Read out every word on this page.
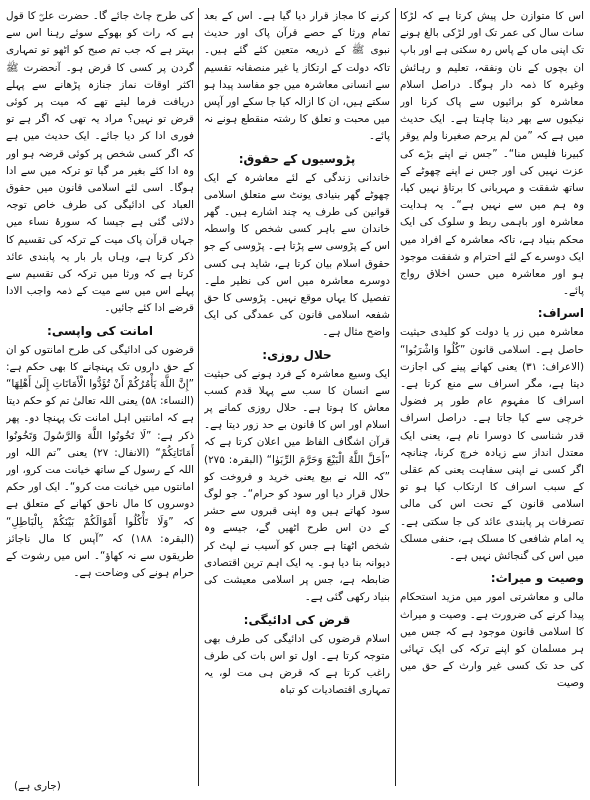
اس کا متوازن حل پیش کرتا ہے کہ لڑکا سات سال کی عمر تک اور لڑکی بالغ ہونے تک اپنی ماں کے پاس رہ سکتی ہے اور باپ ان بچوں کے نان ونفقہ، تعلیم و رہائش وغیرہ کا ذمہ دار ہوگا۔ دراصل اسلام معاشرہ کو برائیوں سے پاک کرنا اور نیکیوں سے بھر دینا چاہتا ہے۔ ایک حدیث میں ہے کہ ”من لم يرحم صغيرنا ولم يوقر كبيرنا فليس منا“۔ ”جس نے اپنے بڑے کی عزت نہیں کی اور جس نے اپنے چھوٹے کے ساتھ شفقت و مہربانی کا برتاؤ نہیں کیا، وہ ہم میں سے نہیں ہے“۔ یہ ہدایت معاشرہ اور باہمی ربط و سلوک کی ایک محکم بنیاد ہے، تاکہ معاشرہ کے افراد میں ایک دوسرے کے لئے احترام و شفقت موجود ہو اور معاشرہ میں حسن اخلاق رواج پائے۔

اسراف:

معاشرہ میں زر یا دولت کو کلیدی حیثیت حاصل ہے۔ اسلامی قانون ”كُلُوا وَاشْرَبُوا“ (الاعراف: ۳۱) یعنی کھانے پینے کی اجازت دیتا ہے، مگر اسراف سے منع کرتا ہے۔ اسراف کا مفہوم عام طور پر فضول خرچی سے کیا جاتا ہے۔ دراصل اسراف قدر شناسی کا دوسرا نام ہے، یعنی ایک معتدل انداز سے زیادہ خرچ کرنا، چنانچہ اگر کسی نے اپنی سفاہت یعنی کم عقلی کے سبب اسراف کا ارتکاب کیا ہو تو اسلامی قانون کے تحت اس کی مالی تصرفات پر پابندی عائد کی جا سکتی ہے۔ یہ امام شافعی کا مسلک ہے، حنفی مسلک میں اس کی گنجائش نہیں ہے۔

وصیت و میراث:

مالی و معاشرتی امور میں مزید استحکام پیدا کرنے کی ضرورت ہے۔ وصیت و میراث کا اسلامی قانون موجود ہے کہ جس میں ہر مسلمان کو اپنے ترکہ کی ایک تہائی کی حد تک کسی غیر وارث کے حق میں وصیت

کرنے کا مجاز قرار دیا گیا ہے۔ اس کے بعد تمام ورثا کے حصے قرآن پاک اور حدیث نبوی ﷺ کے ذریعہ متعین کئے گئے ہیں۔ تاکہ دولت کے ارتکاز یا غیر منصفانہ تقسیم سے انسانی معاشرہ میں جو مفاسد پیدا ہو سکتے ہیں، ان کا ازالہ کیا جا سکے اور آپس میں محبت و تعلق کا رشتہ منقطع ہونے نہ پائے۔

پڑوسیوں کے حقوق:

خاندانی زندگی کے لئے معاشرہ کے ایک چھوٹے گھر بنیادی یونٹ سے متعلق اسلامی قوانین کی طرف یہ چند اشارے ہیں۔ گھر خاندان سے باہر کسی شخص کا واسطہ اس کے پڑوسی سے پڑتا ہے۔ پڑوسی کے جو حقوق اسلام بیان کرتا ہے، شاید ہی کسی دوسرے معاشرہ میں اس کی نظیر ملے۔ تفصیل کا یہاں موقع نہیں۔ پڑوسی کا حق شفعہ اسلامی قانون کی عمدگی کی ایک واضح مثال ہے۔

حلال روزی:

ایک وسیع معاشرہ کے فرد ہونے کی حیثیت سے انسان کا سب سے پہلا قدم کسب معاش کا ہوتا ہے۔ حلال روزی کمانے پر اسلام اور اس کا قانون بے حد زور دیتا ہے۔ قرآن اشگاف الفاظ میں اعلان کرتا ہے کہ ”أَحَلَّ اللَّهُ الْبَيْعَ وَحَرَّمَ الرِّبَوٰا“ (البقرہ: ۲۷۵) ”کہ اللہ نے بیع یعنی خرید و فروخت کو حلال قرار دیا اور سود کو حرام“۔ جو لوگ سود کھاتے ہیں وہ اپنی قبروں سے حشر کے دن اس طرح اٹھیں گے، جیسے وہ شخص اٹھتا ہے جس کو آسیب نے لپٹ کر دیوانہ بنا دیا ہو۔ یہ ایک اہم ترین اقتصادی ضابطہ ہے، جس پر اسلامی معیشت کی بنیاد رکھی گئی ہے۔

قرض کی ادائیگی:

اسلام قرضوں کی ادائیگی کی طرف بھی متوجہ کرتا ہے۔ اول تو اس بات کی طرف راغب کرتا ہے کہ قرض ہی مت لو، یہ تمہاری اقتصادیات کو تباہ

کی طرح چاٹ جائے گا۔ حضرت علیؓ کا قول ہے کہ رات کو بھوکے سوئے رہنا اس سے بہتر ہے کہ جب تم صبح کو اٹھو تو تمہاری گردن پر کسی کا قرض ہو۔ آنحضرت ﷺ اکثر اوقات نماز جنازہ پڑھانے سے پہلے دریافت فرما لیتے تھے کہ میت پر کوئی قرض تو نہیں؟ مراد یہ تھی کہ اگر ہے تو فوری ادا کر دیا جائے۔ ایک حدیث میں ہے کہ اگر کسی شخص پر کوئی قرضہ ہو اور وہ ادا کئے بغیر مر گیا تو ترکہ میں سے ادا ہوگا۔ اسی لئے اسلامی قانون میں حقوق العباد کی ادائیگی کی طرف خاص توجہ دلائی گئی ہے جیسا کہ سورۂ نساء میں جہاں قرآن پاک میت کے ترکہ کی تقسیم کا ذکر کرتا ہے، وہاں بار بار یہ پابندی عائد کرتا ہے کہ ورثا میں ترکہ کی تقسیم سے پہلے اس میں سے میت کے ذمہ واجب الادا قرضے ادا کئے جائیں۔

امانت کی واپسی:

قرضوں کی ادائیگی کی طرح امانتوں کو ان کے حق داروں تک پہنچانے کا بھی حکم ہے: ”إِنَّ اللَّهَ يَأْمُرُكُمْ أَنْ تُؤَدُّوا الْأَمَانَاتِ إِلَىٰ أَهْلِهَا“ (النساء: ۵۸) یعنی اللہ تعالیٰ تم کو حکم دیتا ہے کہ امانتیں اہل امانت تک پہنچا دو۔ پھر ذکر ہے: ”لَا تَخُونُوا اللَّهَ وَالرَّسُولَ وَتَخُونُوا أَمَانَاتِكُمْ“ (الانفال: ۲۷) یعنی ”تم اللہ اور اللہ کے رسول کے ساتھ خیانت مت کرو، اور امانتوں میں خیانت مت کرو“۔ ایک اور حکم دوسروں کا مال ناحق کھانے کے متعلق ہے کہ ”وَلَا تَأْكُلُوا أَمْوَالَكُمْ بَيْنَكُمْ بِالْبَاطِلِ“ (البقرہ: ۱۸۸) کہ ”آپس کا مال ناجائز طریقوں سے نہ کھاؤ“۔ اس میں رشوت کے حرام ہونے کی وضاحت ہے۔

(جاری ہے)
